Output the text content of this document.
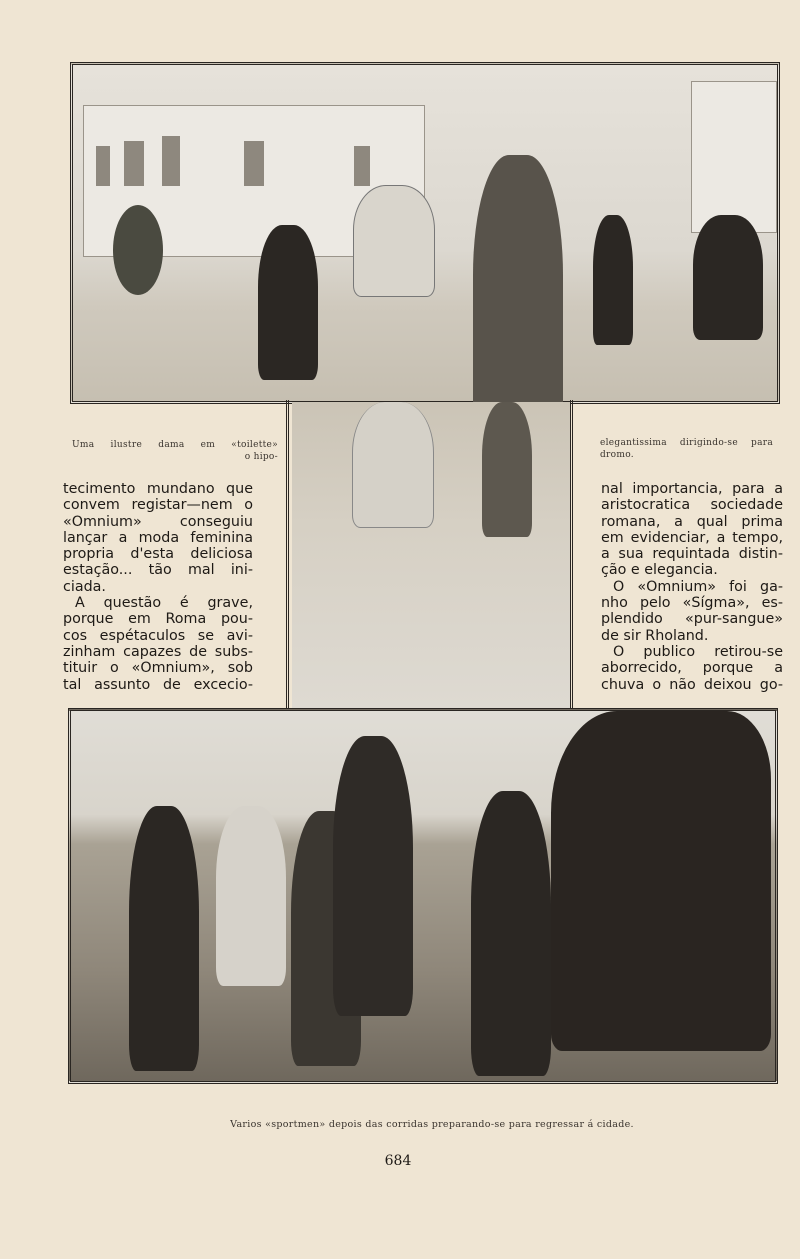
Uma ilustre dama em «toilette»
o hipo-
elegantissima dirigindo-se para
dromo.
tecimento mundano que
convem registar—nem o
«Omnium» conseguiu
lançar a moda feminina
propria d'esta deliciosa
estação... tão mal ini-
ciada.
A questão é grave,
porque em Roma pou-
cos espétaculos se avi-
zinham capazes de subs-
tituir o «Omnium», sob
tal assunto de excecio-
nal importancia, para a
aristocratica sociedade
romana, a qual prima
em evidenciar, a tempo,
a sua requintada distin-
ção e elegancia.
O «Omnium» foi ga-
nho pelo «Sígma», es-
plendido «pur-sangue»
de sir Rholand.
O publico retirou-se
aborrecido, porque a
chuva o não deixou go-
Varios «sportmen» depois das corridas preparando-se para regressar á cidade.
684
